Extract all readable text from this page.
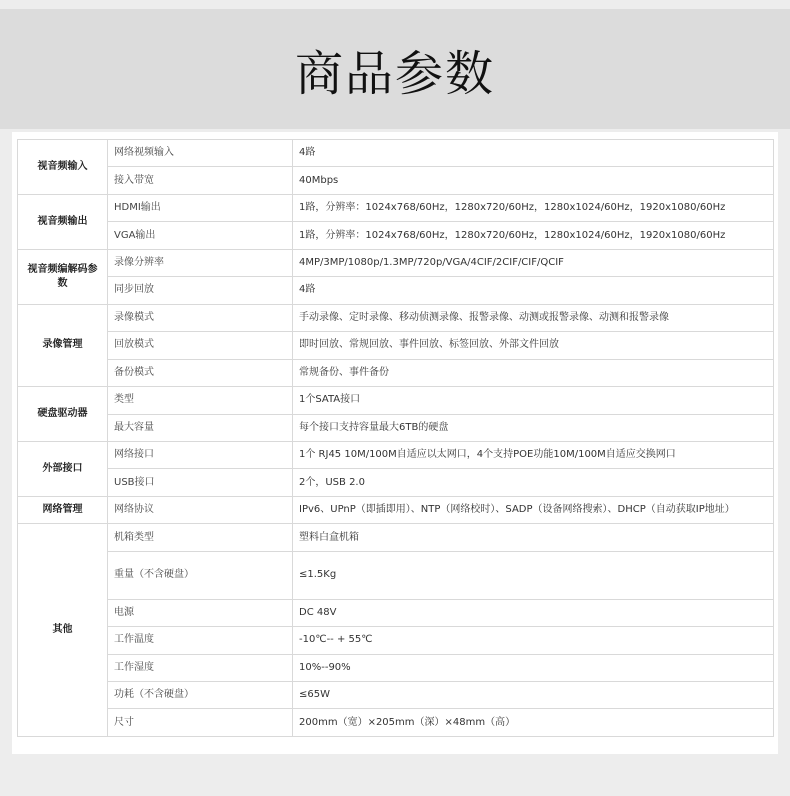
商品参数
视音频输入	网络视频输入	4路
	接入带宽	40Mbps
视音频输出	HDMI输出	1路，分辨率：1024x768/60Hz，1280x720/60Hz，1280x1024/60Hz，1920x1080/60Hz
	VGA输出	1路，分辨率：1024x768/60Hz，1280x720/60Hz，1280x1024/60Hz，1920x1080/60Hz
视音频编解码参数	录像分辨率	4MP/3MP/1080p/1.3MP/720p/VGA/4CIF/2CIF/CIF/QCIF
	同步回放	4路
录像管理	录像模式	手动录像、定时录像、移动侦测录像、报警录像、动测或报警录像、动测和报警录像
	回放模式	即时回放、常规回放、事件回放、标签回放、外部文件回放
	备份模式	常规备份、事件备份
硬盘驱动器	类型	1个SATA接口
	最大容量	每个接口支持容量最大6TB的硬盘
外部接口	网络接口	1个 RJ45 10M/100M自适应以太网口，4个支持POE功能10M/100M自适应交换网口
	USB接口	2个，USB 2.0
网络管理	网络协议	IPv6、UPnP（即插即用）、NTP（网络校时）、SADP（设备网络搜索）、DHCP（自动获取IP地址）
其他	机箱类型	塑料白盒机箱
	重量（不含硬盘）	≤1.5Kg
	电源	DC 48V
	工作温度	-10℃-- + 55℃
	工作湿度	10%--90%
	功耗（不含硬盘）	≤65W
	尺寸	200mm（宽）×205mm（深）×48mm（高）
